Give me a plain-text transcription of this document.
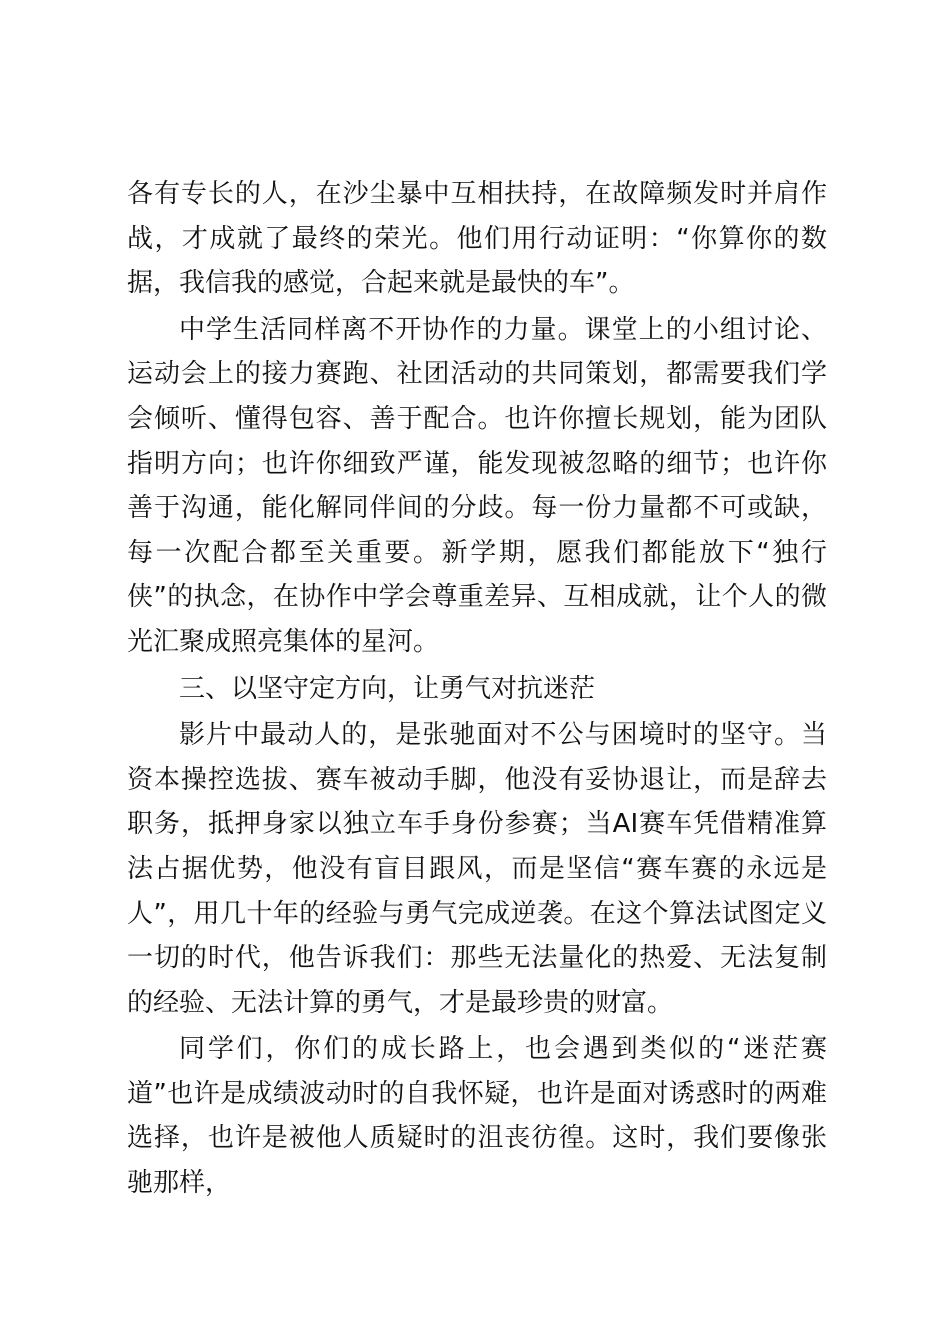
各有专长的人，在沙尘暴中互相扶持，在故障频发时并肩作战，才成就了最终的荣光。他们用行动证明：“你算你的数据，我信我的感觉，合起来就是最快的车”。

中学生活同样离不开协作的力量。课堂上的小组讨论、运动会上的接力赛跑、社团活动的共同策划，都需要我们学会倾听、懂得包容、善于配合。也许你擅长规划，能为团队指明方向；也许你细致严谨，能发现被忽略的细节；也许你善于沟通，能化解同伴间的分歧。每一份力量都不可或缺，每一次配合都至关重要。新学期，愿我们都能放下“独行侠”的执念，在协作中学会尊重差异、互相成就，让个人的微光汇聚成照亮集体的星河。

三、以坚守定方向，让勇气对抗迷茫

影片中最动人的，是张驰面对不公与困境时的坚守。当资本操控选拔、赛车被动手脚，他没有妥协退让，而是辞去职务，抵押身家以独立车手身份参赛；当AI赛车凭借精准算法占据优势，他没有盲目跟风，而是坚信“赛车赛的永远是人”，用几十年的经验与勇气完成逆袭。在这个算法试图定义一切的时代，他告诉我们：那些无法量化的热爱、无法复制的经验、无法计算的勇气，才是最珍贵的财富。

同学们，你们的成长路上，也会遇到类似的“迷茫赛道”也许是成绩波动时的自我怀疑，也许是面对诱惑时的两难选择，也许是被他人质疑时的沮丧彷徨。这时，我们要像张驰那样，
